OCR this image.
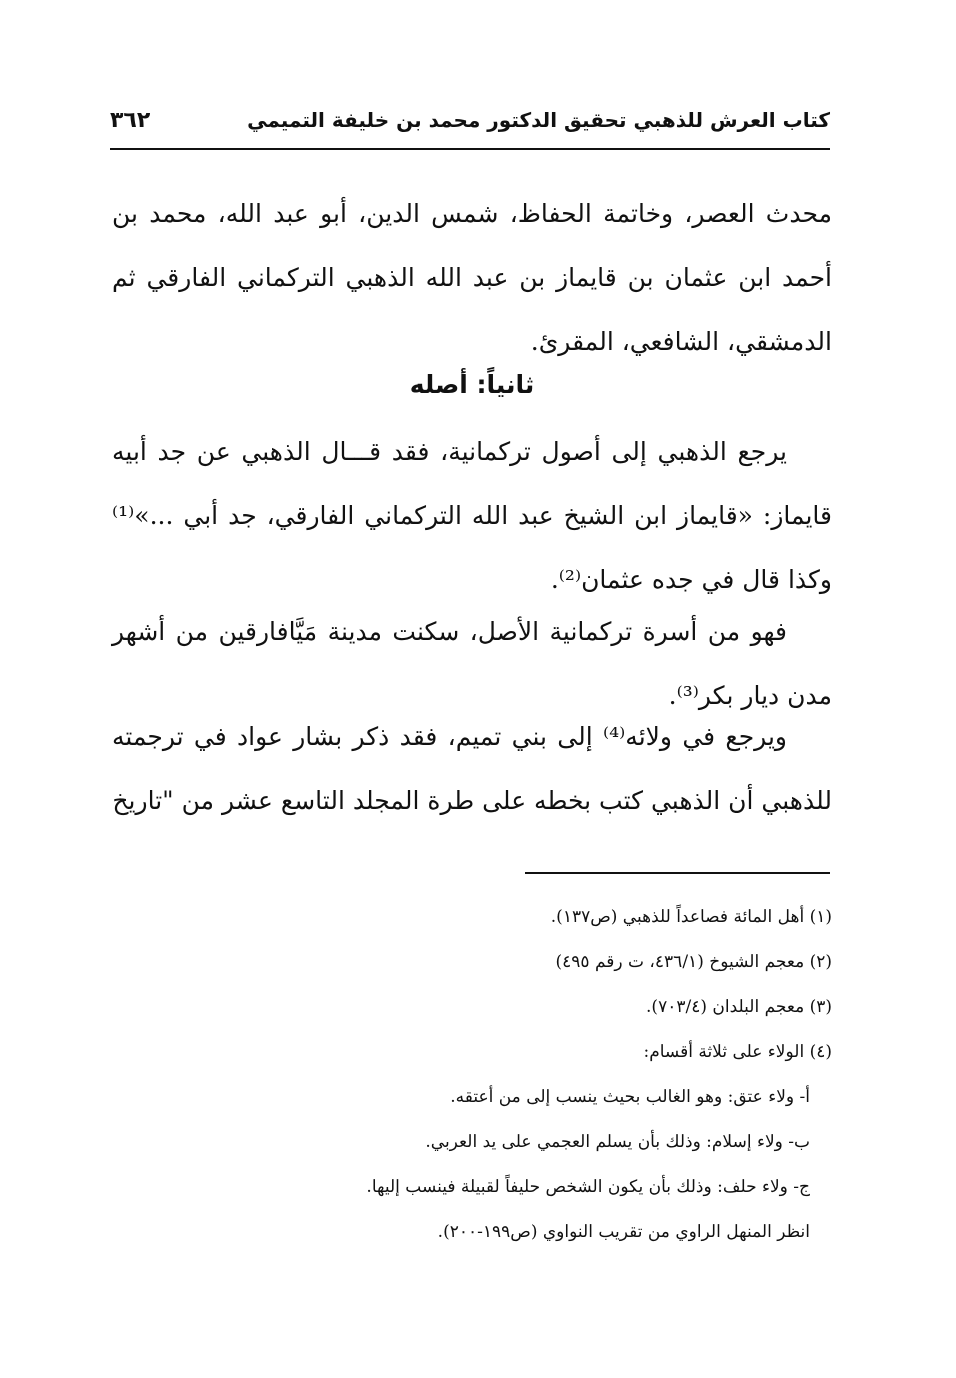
كتاب العرش للذهبي تحقيق الدكتور محمد بن خليفة التميمي
٣٦٢
محدث العصر، وخاتمة الحفاظ، شمس الدين، أبو عبد الله، محمد بن أحمد ابن عثمان بن قايماز بن عبد الله الذهبي التركماني الفارقي ثم الدمشقي، الشافعي، المقرئ.
ثانياً: أصله
يرجع الذهبي إلى أصول تركمانية، فقد قـــال الذهبي عن جد أبيه قايماز: «قايماز ابن الشيخ عبد الله التركماني الفارقي، جد أبي ...»⁽¹⁾ وكذا قال في جده عثمان⁽²⁾.
فهو من أسرة تركمانية الأصل، سكنت مدينة مَيَّافارقين من أشهر مدن ديار بكر⁽³⁾.
ويرجع في ولائه⁽⁴⁾ إلى بني تميم، فقد ذكر بشار عواد في ترجمته للذهبي أن الذهبي كتب بخطه على طرة المجلد التاسع عشر من "تاريخ
(١) أهل المائة فصاعداً للذهبي (ص١٣٧).
(٢) معجم الشيوخ (٤٣٦/١، ت رقم ٤٩٥)
(٣) معجم البلدان (٧٠٣/٤).
(٤) الولاء على ثلاثة أقسام:
أ- ولاء عتق: وهو الغالب بحيث ينسب إلى من أعتقه.
ب- ولاء إسلام: وذلك بأن يسلم العجمي على يد العربي.
ج- ولاء حلف: وذلك بأن يكون الشخص حليفاً لقبيلة فينسب إليها.
انظر المنهل الراوي من تقريب النواوي (ص١٩٩-٢٠٠).
